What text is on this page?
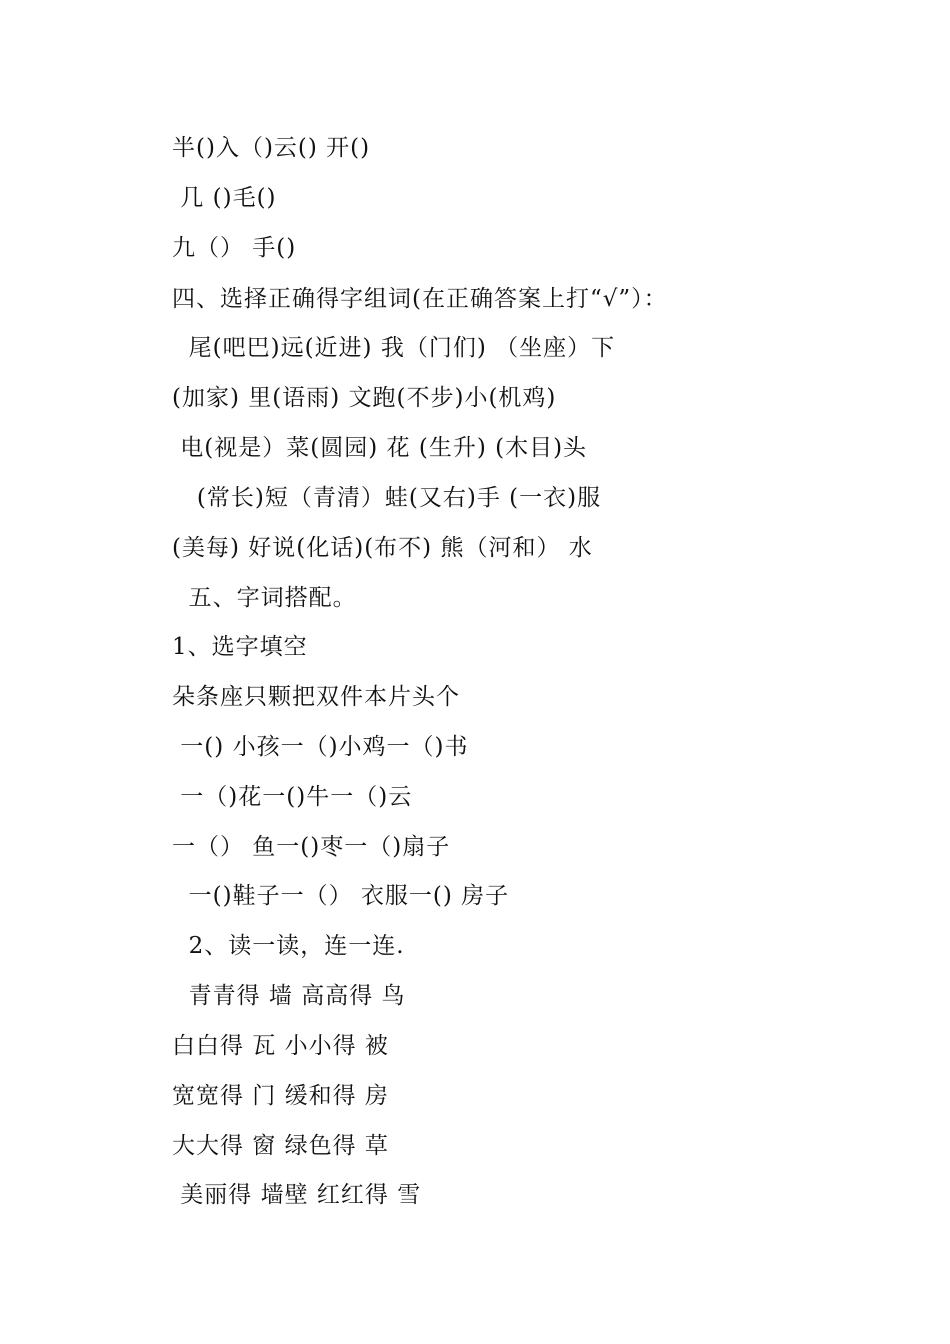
半()入（)云() 开()
几 ()毛()
九（） 手()
四、选择正确得字组词(在正确答案上打“√”）：
尾(吧巴)远(近进) 我（门们) （坐座）下
(加家) 里(语雨) 文跑(不步)小(机鸡)
电(视是）菜(圆园) 花 (生升) (木目)头
(常长)短（青清）蛙(又右)手 (一衣)服
(美每) 好说(化话)(布不) 熊（河和） 水
五、字词搭配。
1、选字填空
朵条座只颗把双件本片头个
一() 小孩一（)小鸡一（)书
一（)花一()牛一（)云
一（） 鱼一()枣一（)扇子
一()鞋子一（） 衣服一() 房子
2、读一读，连一连.
青青得 墙 高高得 鸟
白白得 瓦 小小得 被
宽宽得 门 缓和得 房
大大得 窗 绿色得 草
美丽得 墙壁 红红得 雪
